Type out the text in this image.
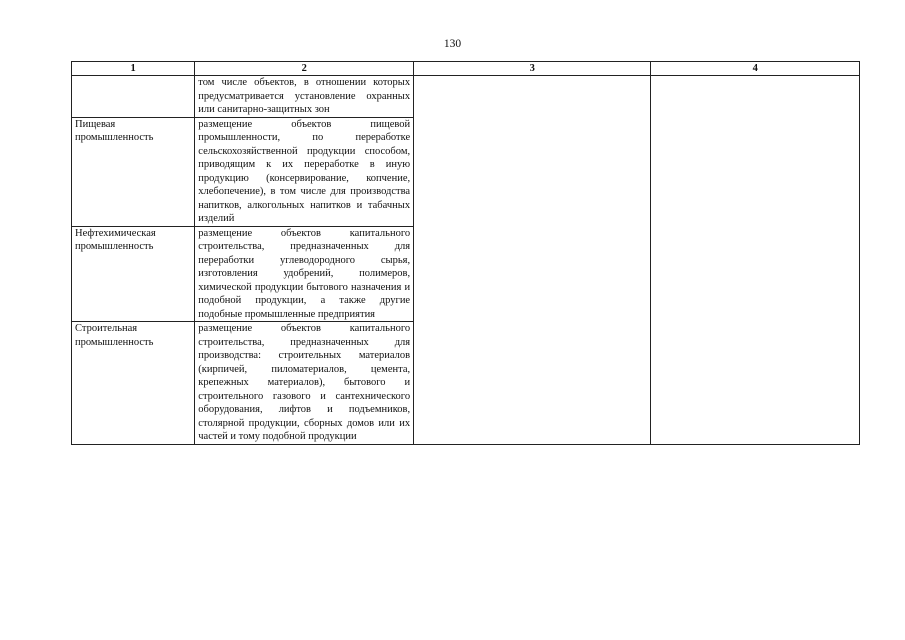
130
1	2	3	4
	том числе объектов, в отношении которых предусматривается установление охранных или санитарно-защитных зон		
Пищевая промышленность	размещение объектов пищевой промышленности, по переработке сельскохозяйственной продукции способом, приводящим к их переработке в иную продукцию (консервирование, копчение, хлебопечение), в том числе для производства напитков, алкогольных напитков и табачных изделий		
Нефтехимическая промышленность	размещение объектов капитального строительства, предназначенных для переработки углеводородного сырья, изготовления удобрений, полимеров, химической продукции бытового назначения и подобной продукции, а также другие подобные промышленные предприятия		
Строительная промышленность	размещение объектов капитального строительства, предназначенных для производства: строительных материалов (кирпичей, пиломатериалов, цемента, крепежных материалов), бытового и строительного газового и сантехнического оборудования, лифтов и подъемников, столярной продукции, сборных домов или их частей и тому подобной продукции		
